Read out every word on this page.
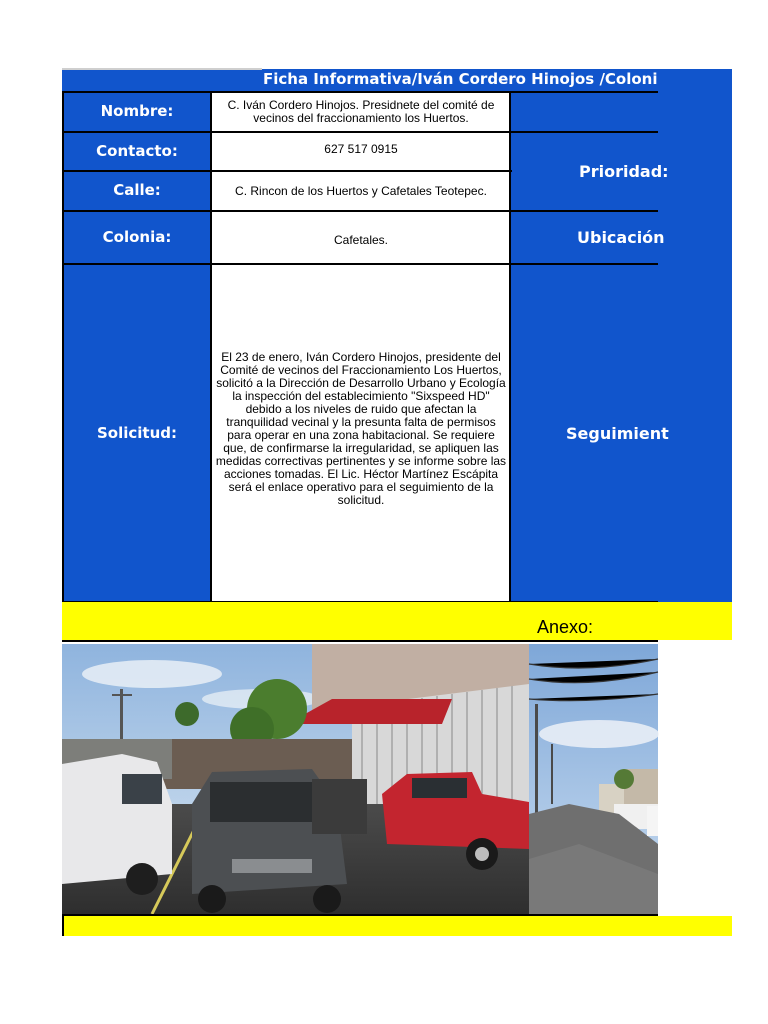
Ficha Informativa/Iván Cordero Hinojos /Coloni
Nombre:
Contacto:
Calle:
Colonia:
Solicitud:
C. Iván Cordero Hinojos. Presidnete del comité de vecinos del fraccionamiento los Huertos.
627 517 0915
C. Rincon de los Huertos y Cafetales Teotepec.
Cafetales.
El 23 de enero, Iván Cordero Hinojos, presidente del Comité de vecinos del Fraccionamiento Los Huertos, solicitó a la Dirección de Desarrollo Urbano y Ecología la inspección del establecimiento "Sixspeed HD" debido a los niveles de ruido que afectan la tranquilidad vecinal y la presunta falta de permisos para operar en una zona habitacional. Se requiere que, de confirmarse la irregularidad, se apliquen las medidas correctivas pertinentes y se informe sobre las acciones tomadas. El Lic. Héctor Martínez Escápita será el enlace operativo para el seguimiento de la solicitud.
Prioridad:
Ubicación
Seguimient
Anexo:
